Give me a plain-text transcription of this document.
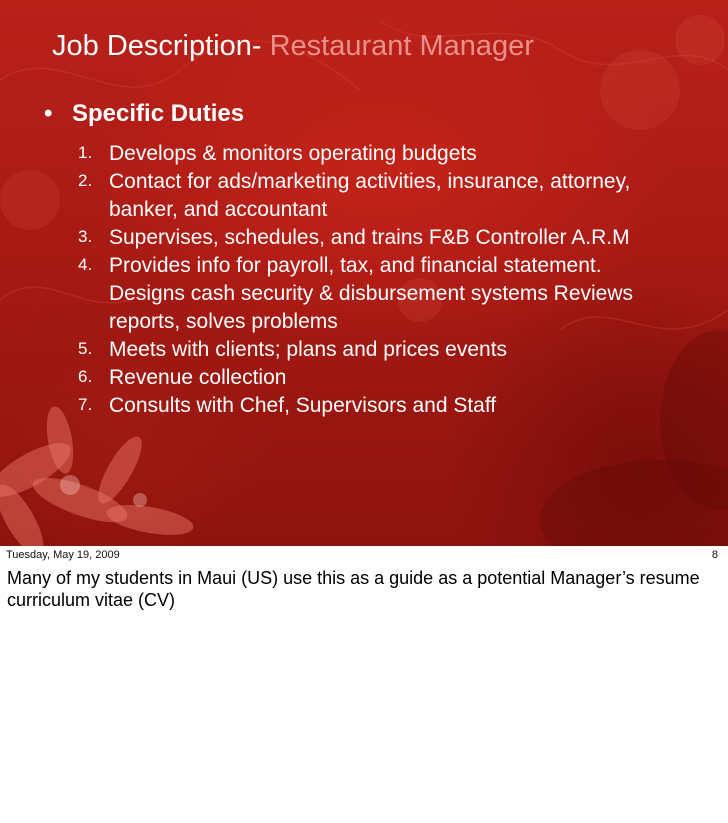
Job Description- Restaurant Manager
• Specific Duties
1. Develops & monitors operating budgets
2. Contact for ads/marketing activities, insurance, attorney, banker, and accountant
3. Supervises, schedules, and trains F&B Controller A.R.M
4. Provides info for payroll, tax, and financial statement. Designs cash security & disbursement systems Reviews reports, solves problems
5. Meets with clients; plans and prices events
6. Revenue collection
7. Consults with Chef, Supervisors and Staff
Tuesday, May 19, 2009	8

Many of my students in Maui (US) use this as a guide as a potential Manager’s resume curriculum vitae (CV)
